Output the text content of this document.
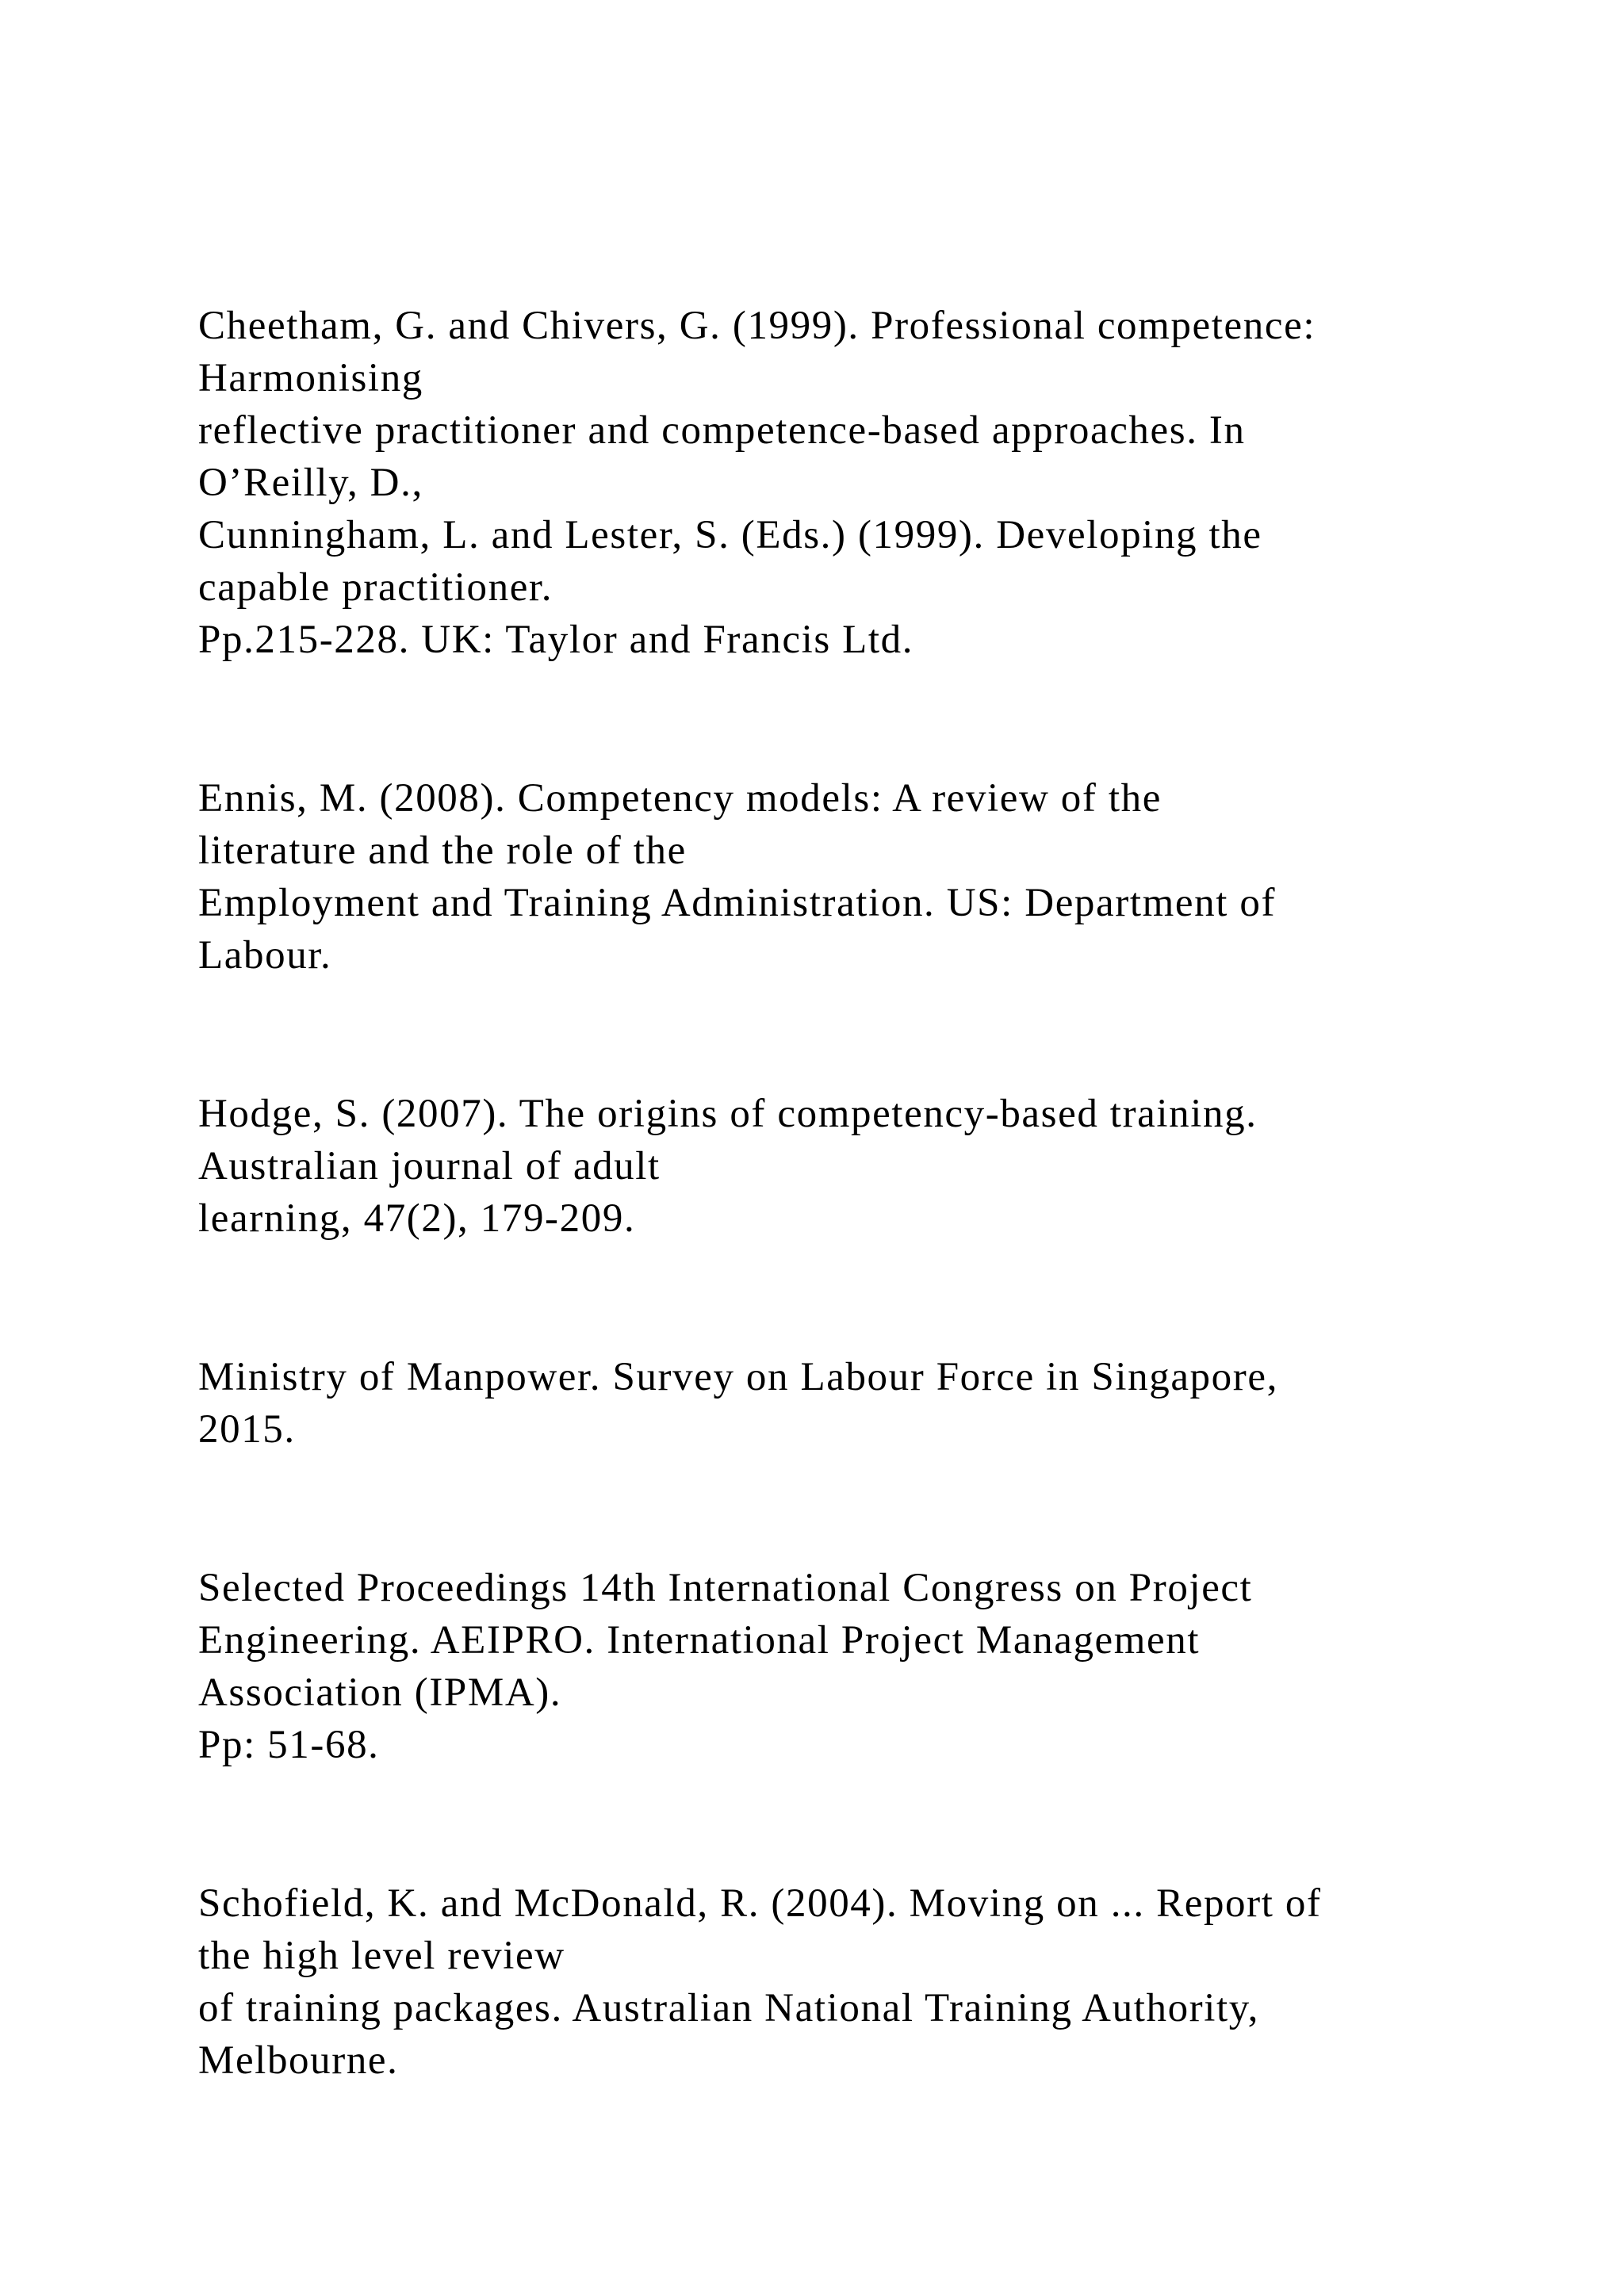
Cheetham, G. and Chivers, G. (1999). Professional competence:
Harmonising
reflective practitioner and competence-based approaches. In
O’Reilly, D.,
Cunningham, L. and Lester, S. (Eds.) (1999). Developing the
capable practitioner.
Pp.215-228. UK: Taylor and Francis Ltd.
Ennis, M. (2008). Competency models: A review of the
literature and the role of the
Employment and Training Administration. US: Department of
Labour.
Hodge, S. (2007). The origins of competency-based training.
Australian journal of adult
learning, 47(2), 179-209.
Ministry of Manpower. Survey on Labour Force in Singapore,
2015.
Selected Proceedings 14th International Congress on Project
Engineering. AEIPRO. International Project Management
Association (IPMA).
Pp: 51-68.
Schofield, K. and McDonald, R. (2004). Moving on ... Report of
the high level review
of training packages. Australian National Training Authority,
Melbourne.
